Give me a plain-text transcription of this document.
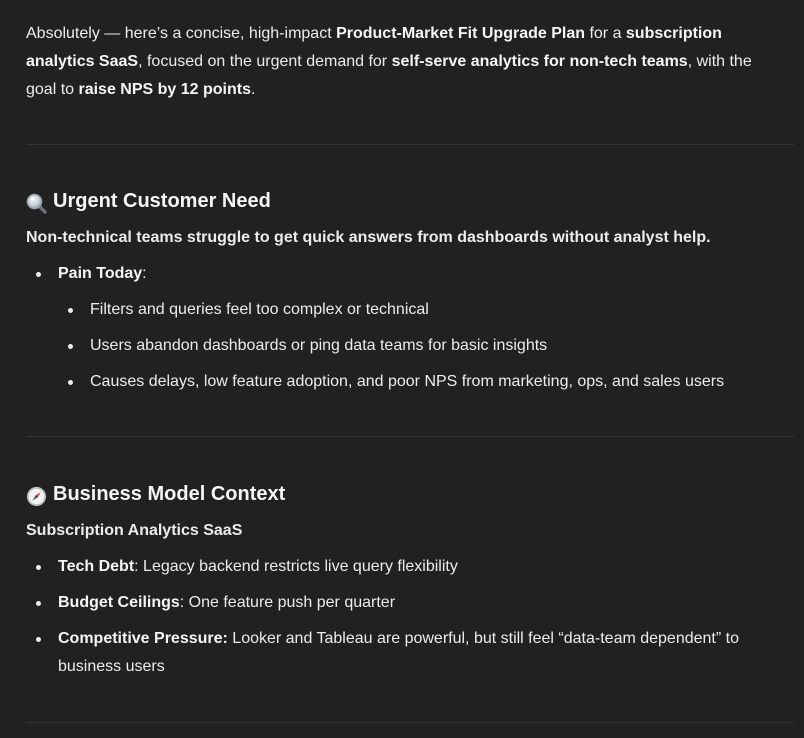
Absolutely — here’s a concise, high-impact Product-Market Fit Upgrade Plan for a subscription analytics SaaS, focused on the urgent demand for self-serve analytics for non-tech teams, with the goal to raise NPS by 12 points.

Urgent Customer Need

Non-technical teams struggle to get quick answers from dashboards without analyst help.

Pain Today:
Filters and queries feel too complex or technical
Users abandon dashboards or ping data teams for basic insights
Causes delays, low feature adoption, and poor NPS from marketing, ops, and sales users
Business Model Context

Subscription Analytics SaaS

Tech Debt: Legacy backend restricts live query flexibility
Budget Ceilings: One feature push per quarter
Competitive Pressure: Looker and Tableau are powerful, but still feel “data-team dependent” to business users
